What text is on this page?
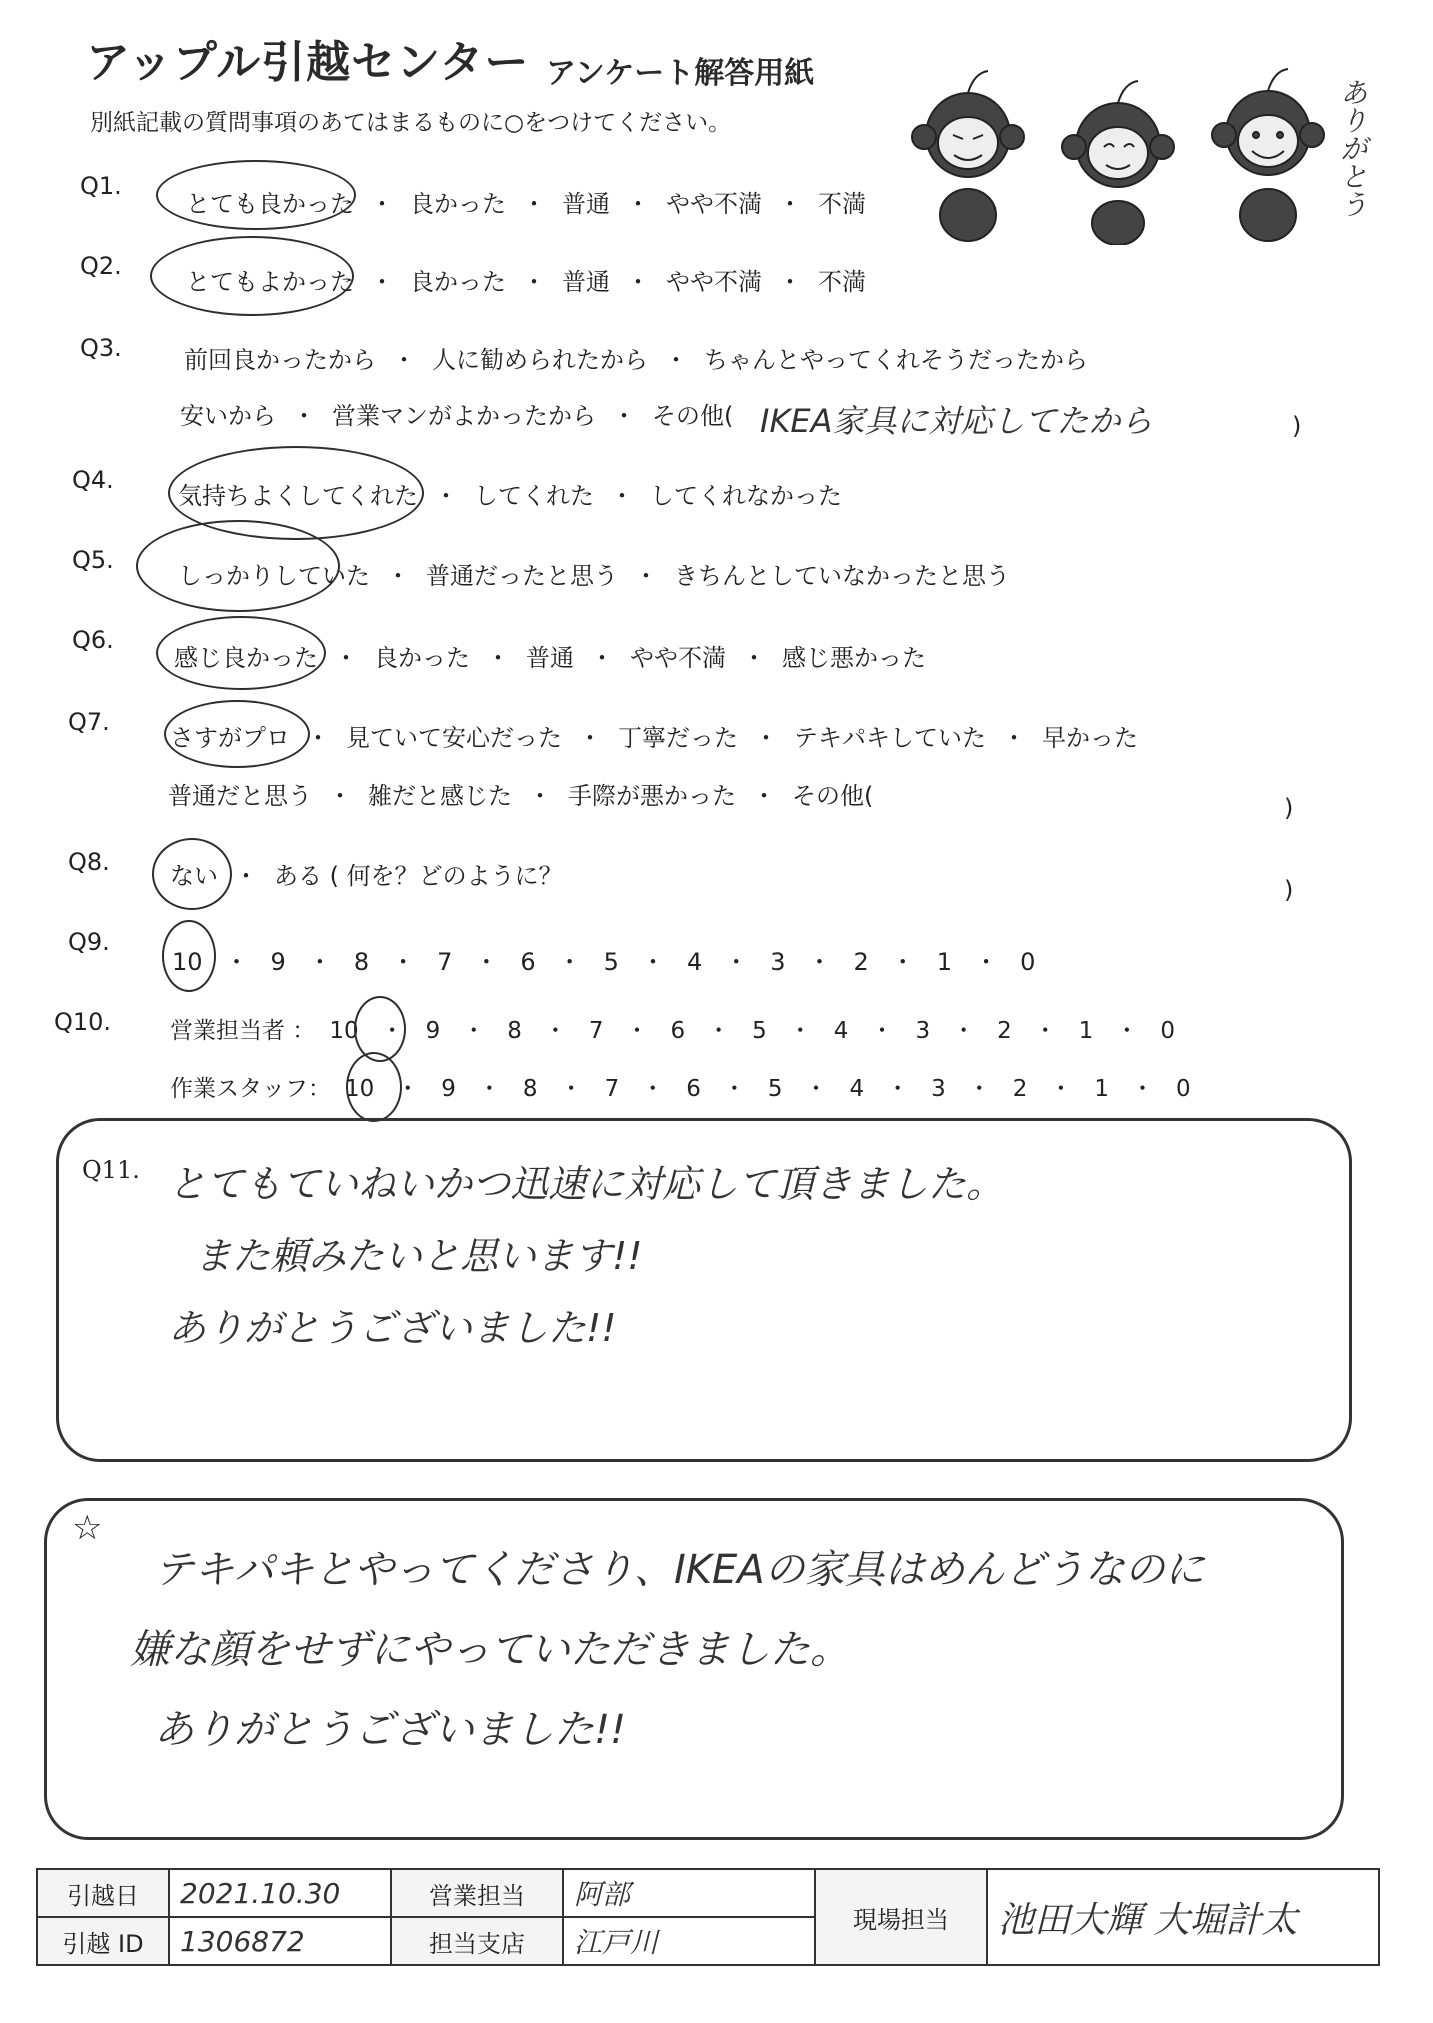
アップル引越センター アンケート解答用紙
別紙記載の質問事項のあてはまるものに○をつけてください。	ありがとう
Q1.
とても良かった ・ 良かった ・ 普通 ・ やや不満 ・ 不満
Q2.
とてもよかった ・ 良かった ・ 普通 ・ やや不満 ・ 不満
Q3.	前回良かったから ・ 人に勧められたから ・ ちゃんとやってくれそうだったから
安いから ・ 営業マンがよかったから ・ その他( IKEA家具に対応してたから	)
Q4.
気持ちよくしてくれた ・ してくれた ・ してくれなかった
Q5.
しっかりしていた ・ 普通だったと思う ・ きちんとしていなかったと思う
Q6.
感じ良かった ・ 良かった ・ 普通 ・ やや不満 ・ 感じ悪かった
Q7.
さすがプロ ・ 見ていて安心だった ・ 丁寧だった ・ テキパキしていた ・ 早かった
普通だと思う ・ 雑だと感じた ・ 手際が悪かった ・ その他(	)
Q8.	ない ・ ある ( 何を？どのように？	)
Q9.
10 ・ 9 ・ 8 ・ 7 ・ 6 ・ 5 ・ 4 ・ 3 ・ 2 ・ 1 ・ 0
Q10.	営業担当者 ： 10 ・ 9 ・ 8 ・ 7 ・ 6 ・ 5 ・ 4 ・ 3 ・ 2 ・ 1 ・ 0
作業スタッフ： 10 ・ 9 ・ 8 ・ 7 ・ 6 ・ 5 ・ 4 ・ 3 ・ 2 ・ 1 ・ 0
Q11. とてもていねいかつ迅速に対応して頂きました。
また頼みたいと思います!!
ありがとうございました!!
☆
テキパキとやってくださり、IKEAの家具はめんどうなのに
嫌な顔をせずにやっていただきました。
ありがとうございました!!
引越日	2021.10.30	営業担当	阿部	現場担当	池田大輝 大堀計太
引越 ID	1306872	担当支店	江戸川		
